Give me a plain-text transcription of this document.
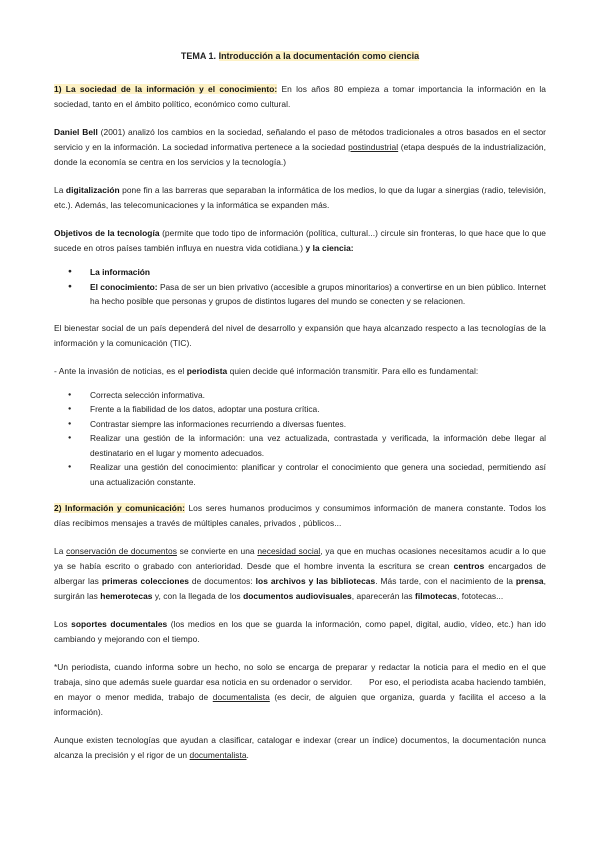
TEMA 1. Introducción a la documentación como ciencia

1) La sociedad de la información y el conocimiento: En los años 80 empieza a tomar importancia la información en la sociedad, tanto en el ámbito político, económico como cultural.

Daniel Bell (2001) analizó los cambios en la sociedad, señalando el paso de métodos tradicionales a otros basados en el sector servicio y en la información. La sociedad informativa pertenece a la sociedad postindustrial (etapa después de la industrialización, donde la economía se centra en los servicios y la tecnología.)

La digitalización pone fin a las barreras que separaban la informática de los medios, lo que da lugar a sinergias (radio, televisión, etc.). Además, las telecomunicaciones y la informática se expanden más.

Objetivos de la tecnología (permite que todo tipo de información (política, cultural...) circule sin fronteras, lo que hace que lo que sucede en otros países también influya en nuestra vida cotidiana.) y la ciencia:

● La información
● El conocimiento: Pasa de ser un bien privativo (accesible a grupos minoritarios) a convertirse en un bien público. Internet ha hecho posible que personas y grupos de distintos lugares del mundo se conecten y se relacionen.

El bienestar social de un país dependerá del nivel de desarrollo y expansión que haya alcanzado respecto a las tecnologías de la información y la comunicación (TIC).

- Ante la invasión de noticias, es el periodista quien decide qué información transmitir. Para ello es fundamental:

● Correcta selección informativa.
● Frente a la fiabilidad de los datos, adoptar una postura crítica.
● Contrastar siempre las informaciones recurriendo a diversas fuentes.
● Realizar una gestión de la información: una vez actualizada, contrastada y verificada, la información debe llegar al destinatario en el lugar y momento adecuados.
● Realizar una gestión del conocimiento: planificar y controlar el conocimiento que genera una sociedad, permitiendo así una actualización constante.

2) Información y comunicación: Los seres humanos producimos y consumimos información de manera constante. Todos los días recibimos mensajes a través de múltiples canales, privados , públicos...

La conservación de documentos se convierte en una necesidad social, ya que en muchas ocasiones necesitamos acudir a lo que ya se había escrito o grabado con anterioridad. Desde que el hombre inventa la escritura se crean centros encargados de albergar las primeras colecciones de documentos: los archivos y las bibliotecas. Más tarde, con el nacimiento de la prensa, surgirán las hemerotecas y, con la llegada de los documentos audiovisuales, aparecerán las filmotecas, fototecas...

Los soportes documentales (los medios en los que se guarda la información, como papel, digital, audio, vídeo, etc.) han ido cambiando y mejorando con el tiempo.

*Un periodista, cuando informa sobre un hecho, no solo se encarga de preparar y redactar la noticia para el medio en el que trabaja, sino que además suele guardar esa noticia en su ordenador o servidor.       Por eso, el periodista acaba haciendo también, en mayor o menor medida, trabajo de documentalista (es decir, de alguien que organiza, guarda y facilita el acceso a la información).

Aunque existen tecnologías que ayudan a clasificar, catalogar e indexar (crear un índice) documentos, la documentación nunca alcanza la precisión y el rigor de un documentalista.
